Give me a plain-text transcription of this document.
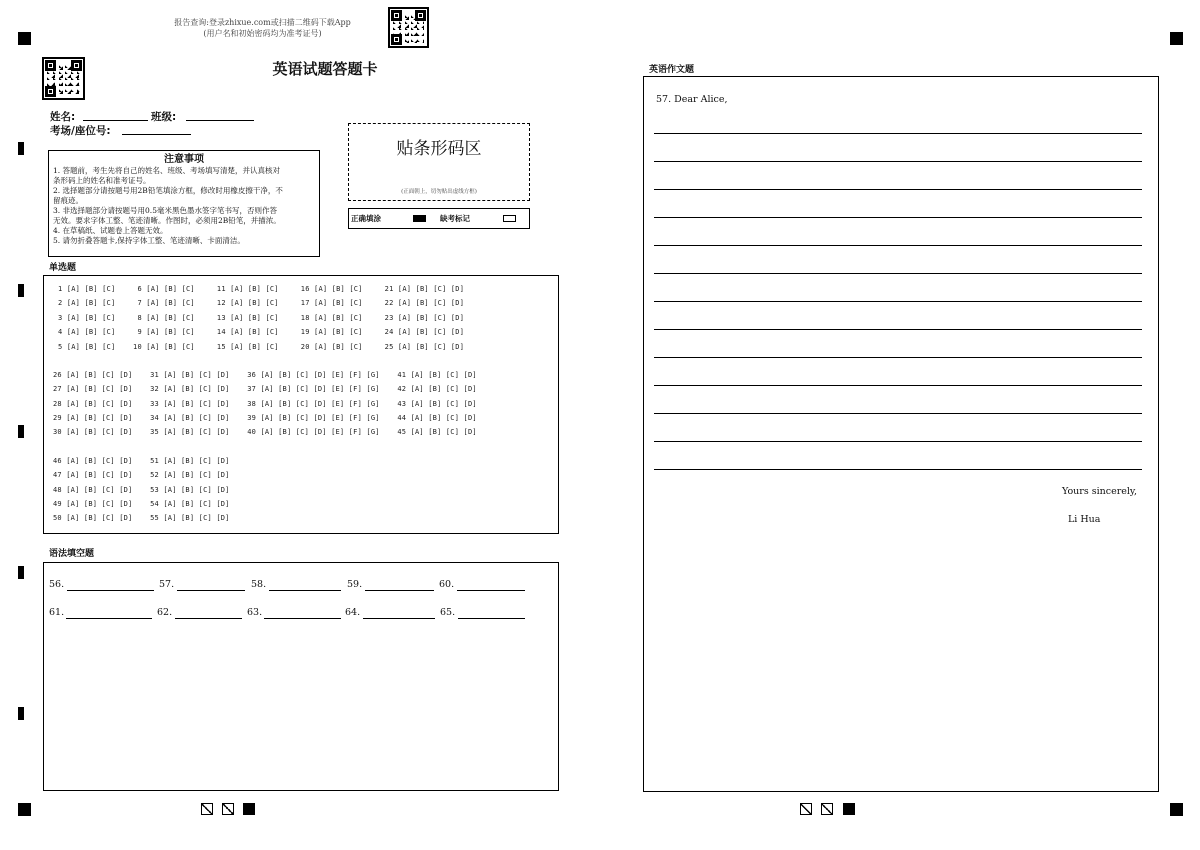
报告查询:登录zhixue.com或扫描二维码下载App
(用户名和初始密码均为准考证号)
英语试题答题卡
姓名:	班级:
考场/座位号:
注意事项
1. 答题前，考生先将自己的姓名、班级、考场填写清楚，并认真核对
条形码上的姓名和准考证号。
2. 选择题部分请按题号用2B铅笔填涂方框，修改时用橡皮擦干净，不
留痕迹。
3. 非选择题部分请按题号用0.5毫米黑色墨水签字笔书写，否则作答
无效。要求字体工整、笔迹清晰。作图时，必须用2B铅笔，并描浓。
4. 在草稿纸、试题卷上答题无效。
5. 请勿折叠答题卡,保持字体工整、笔迹清晰、卡面清洁。
贴条形码区
(正面朝上，切勿贴出虚线方框)
正确填涂	缺考标记
单选题
1 [A] [B] [C]     6 [A] [B] [C]     11 [A] [B] [C]     16 [A] [B] [C]     21 [A] [B] [C] [D]
2 [A] [B] [C]     7 [A] [B] [C]     12 [A] [B] [C]     17 [A] [B] [C]     22 [A] [B] [C] [D]
3 [A] [B] [C]     8 [A] [B] [C]     13 [A] [B] [C]     18 [A] [B] [C]     23 [A] [B] [C] [D]
4 [A] [B] [C]     9 [A] [B] [C]     14 [A] [B] [C]     19 [A] [B] [C]     24 [A] [B] [C] [D]
5 [A] [B] [C]    10 [A] [B] [C]     15 [A] [B] [C]     20 [A] [B] [C]     25 [A] [B] [C] [D]
26 [A] [B] [C] [D]    31 [A] [B] [C] [D]    36 [A] [B] [C] [D] [E] [F] [G]    41 [A] [B] [C] [D]
27 [A] [B] [C] [D]    32 [A] [B] [C] [D]    37 [A] [B] [C] [D] [E] [F] [G]    42 [A] [B] [C] [D]
28 [A] [B] [C] [D]    33 [A] [B] [C] [D]    38 [A] [B] [C] [D] [E] [F] [G]    43 [A] [B] [C] [D]
29 [A] [B] [C] [D]    34 [A] [B] [C] [D]    39 [A] [B] [C] [D] [E] [F] [G]    44 [A] [B] [C] [D]
30 [A] [B] [C] [D]    35 [A] [B] [C] [D]    40 [A] [B] [C] [D] [E] [F] [G]    45 [A] [B] [C] [D]
46 [A] [B] [C] [D]    51 [A] [B] [C] [D]
47 [A] [B] [C] [D]    52 [A] [B] [C] [D]
48 [A] [B] [C] [D]    53 [A] [B] [C] [D]
49 [A] [B] [C] [D]    54 [A] [B] [C] [D]
50 [A] [B] [C] [D]    55 [A] [B] [C] [D]
语法填空题
56.	57.	58.	59.	60.
61.	62.	63.	64.	65.
英语作文题
57. Dear Alice,
Yours sincerely,
Li Hua
